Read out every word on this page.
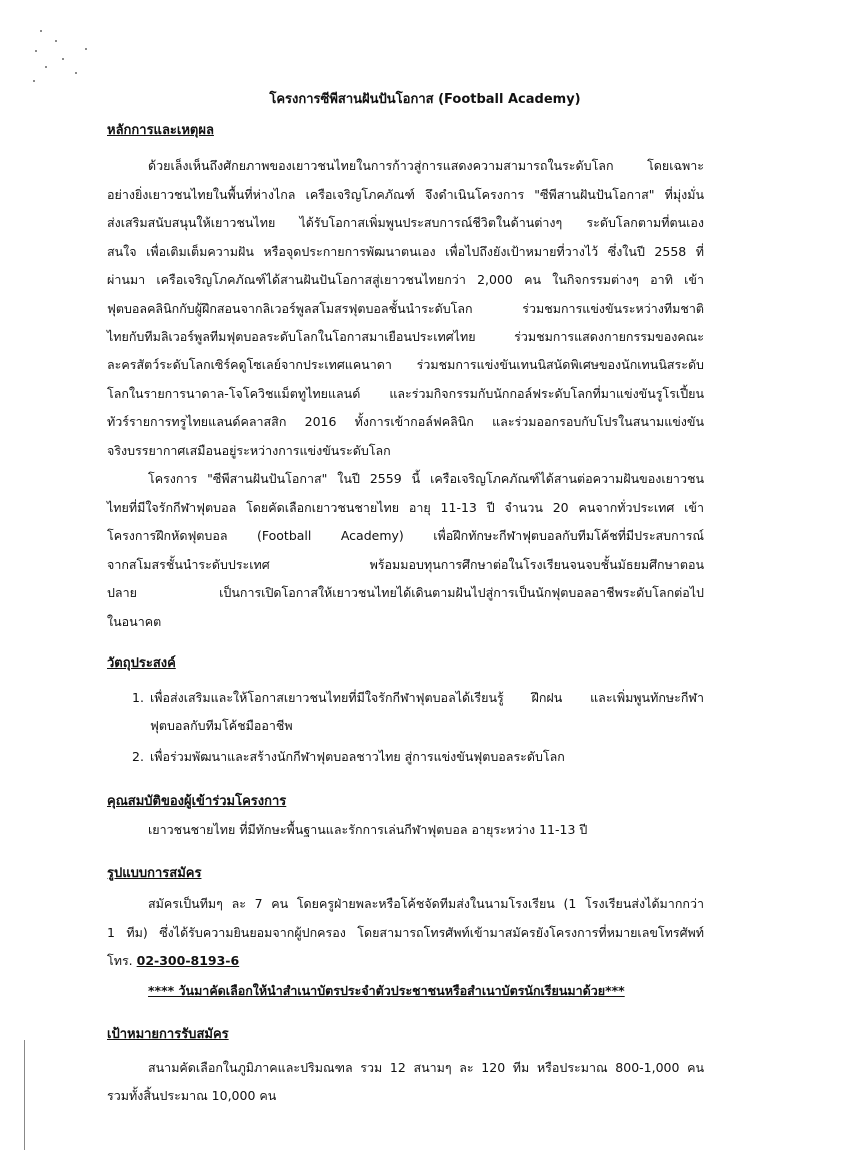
โครงการซีพีสานฝันปันโอกาส (Football Academy)
หลักการและเหตุผล
ด้วยเล็งเห็นถึงศักยภาพของเยาวชนไทยในการก้าวสู่การแสดงความสามารถในระดับโลก โดยเฉพาะ
อย่างยิ่งเยาวชนไทยในพื้นที่ห่างไกล เครือเจริญโภคภัณฑ์ จึงดำเนินโครงการ "ซีพีสานฝันปันโอกาส" ที่มุ่งมั่น
ส่งเสริมสนับสนุนให้เยาวชนไทย ได้รับโอกาสเพิ่มพูนประสบการณ์ชีวิตในด้านต่างๆ ระดับโลกตามที่ตนเอง
สนใจ เพื่อเติมเต็มความฝัน หรือจุดประกายการพัฒนาตนเอง เพื่อไปถึงยังเป้าหมายที่วางไว้ ซึ่งในปี 2558 ที่
ผ่านมา เครือเจริญโภคภัณฑ์ได้สานฝันปันโอกาสสู่เยาวชนไทยกว่า 2,000 คน ในกิจกรรมต่างๆ อาทิ เข้า
ฟุตบอลคลินิกกับผู้ฝึกสอนจากลิเวอร์พูลสโมสรฟุตบอลชั้นนำระดับโลก ร่วมชมการแข่งขันระหว่างทีมชาติ
ไทยกับทีมลิเวอร์พูลทีมฟุตบอลระดับโลกในโอกาสมาเยือนประเทศไทย ร่วมชมการแสดงกายกรรมของคณะ
ละครสัตว์ระดับโลกเซิร์คดูโซเลย์จากประเทศแคนาดา ร่วมชมการแข่งขันเทนนิสนัดพิเศษของนักเทนนิสระดับ
โลกในรายการนาดาล-โจโควิชแม็ตทูไทยแลนด์ และร่วมกิจกรรมกับนักกอล์ฟระดับโลกที่มาแข่งขันรูโรเปี้ยน
ทัวร์รายการทรูไทยแลนด์คลาสสิก 2016 ทั้งการเข้ากอล์ฟคลินิก และร่วมออกรอบกับโปรในสนามแข่งขัน
จริงบรรยากาศเสมือนอยู่ระหว่างการแข่งขันระดับโลก
โครงการ "ซีพีสานฝันปันโอกาส" ในปี 2559 นี้ เครือเจริญโภคภัณฑ์ได้สานต่อความฝันของเยาวชน
ไทยที่มีใจรักกีฬาฟุตบอล โดยคัดเลือกเยาวชนชายไทย อายุ 11-13 ปี จำนวน 20 คนจากทั่วประเทศ เข้า
โครงการฝึกหัดฟุตบอล (Football Academy) เพื่อฝึกทักษะกีฬาฟุตบอลกับทีมโค้ชที่มีประสบการณ์
จากสโมสรชั้นนำระดับประเทศ พร้อมมอบทุนการศึกษาต่อในโรงเรียนจนจบชั้นมัธยมศึกษาตอน
ปลาย เป็นการเปิดโอกาสให้เยาวชนไทยได้เดินตามฝันไปสู่การเป็นนักฟุตบอลอาชีพระดับโลกต่อไป
ในอนาคต
วัตถุประสงค์
1. เพื่อส่งเสริมและให้โอกาสเยาวชนไทยที่มีใจรักกีฬาฟุตบอลได้เรียนรู้ ฝึกฝน และเพิ่มพูนทักษะกีฬา
ฟุตบอลกับทีมโค้ชมืออาชีพ
2. เพื่อร่วมพัฒนาและสร้างนักกีฬาฟุตบอลชาวไทย สู่การแข่งขันฟุตบอลระดับโลก
คุณสมบัติของผู้เข้าร่วมโครงการ
เยาวชนชายไทย ที่มีทักษะพื้นฐานและรักการเล่นกีฬาฟุตบอล อายุระหว่าง 11-13 ปี
รูปแบบการสมัคร
สมัครเป็นทีมๆ ละ 7 คน โดยครูฝ่ายพละหรือโค้ชจัดทีมส่งในนามโรงเรียน (1 โรงเรียนส่งได้มากกว่า
1 ทีม) ซึ่งได้รับความยินยอมจากผู้ปกครอง โดยสามารถโทรศัพท์เข้ามาสมัครยังโครงการที่หมายเลขโทรศัพท์
โทร. 02-300-8193-6
**** วันมาคัดเลือกให้นำสำเนาบัตรประจำตัวประชาชนหรือสำเนาบัตรนักเรียนมาด้วย***
เป้าหมายการรับสมัคร
สนามคัดเลือกในภูมิภาคและปริมณฑล รวม 12 สนามๆ ละ 120 ทีม หรือประมาณ 800-1,000 คน
รวมทั้งสิ้นประมาณ 10,000 คน
